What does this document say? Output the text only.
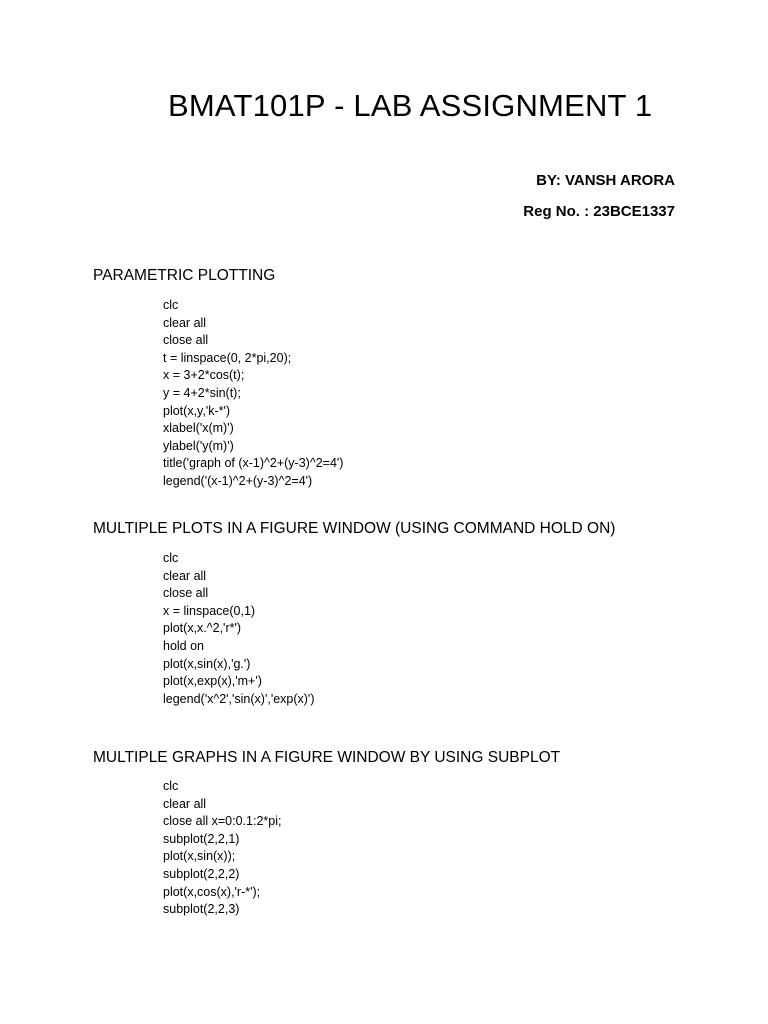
BMAT101P - LAB ASSIGNMENT 1
BY: VANSH ARORA
Reg No. : 23BCE1337
PARAMETRIC PLOTTING
clc
clear all
close all
t = linspace(0, 2*pi,20);
x = 3+2*cos(t);
y = 4+2*sin(t);
plot(x,y,'k-*')
xlabel('x(m)')
ylabel('y(m)')
title('graph of (x-1)^2+(y-3)^2=4')
legend('(x-1)^2+(y-3)^2=4')
MULTIPLE PLOTS IN A FIGURE WINDOW (USING COMMAND HOLD ON)
clc
clear all
close all
x = linspace(0,1)
plot(x,x.^2,'r*')
hold on
plot(x,sin(x),'g.')
plot(x,exp(x),'m+')
legend('x^2','sin(x)','exp(x)')
MULTIPLE GRAPHS IN A FIGURE WINDOW BY USING SUBPLOT
clc
clear all
close all x=0:0.1:2*pi;
subplot(2,2,1)
plot(x,sin(x));
subplot(2,2,2)
plot(x,cos(x),'r-*');
subplot(2,2,3)
